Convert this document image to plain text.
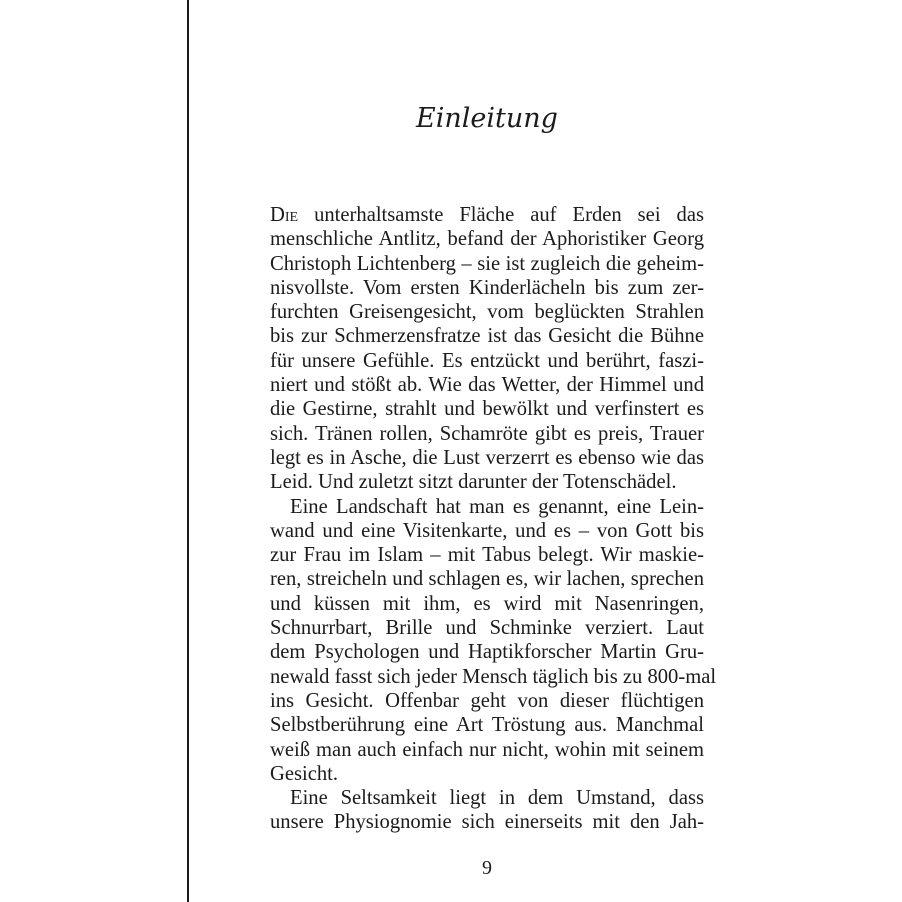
Einleitung
Die unterhaltsamste Fläche auf Erden sei das
menschliche Antlitz, befand der Aphoristiker Georg
Christoph Lichtenberg – sie ist zugleich die geheim-
nisvollste. Vom ersten Kinderlächeln bis zum zer-
furchten Greisengesicht, vom beglückten Strahlen
bis zur Schmerzensfratze ist das Gesicht die Bühne
für unsere Gefühle. Es entzückt und berührt, faszi-
niert und stößt ab. Wie das Wetter, der Himmel und
die Gestirne, strahlt und bewölkt und verfinstert es
sich. Tränen rollen, Schamröte gibt es preis, Trauer
legt es in Asche, die Lust verzerrt es ebenso wie das
Leid. Und zuletzt sitzt darunter der Totenschädel.
Eine Landschaft hat man es genannt, eine Lein-
wand und eine Visitenkarte, und es – von Gott bis
zur Frau im Islam – mit Tabus belegt. Wir maskie-
ren, streicheln und schlagen es, wir lachen, sprechen
und küssen mit ihm, es wird mit Nasenringen,
Schnurrbart, Brille und Schminke verziert. Laut
dem Psychologen und Haptikforscher Martin Gru-
newald fasst sich jeder Mensch täglich bis zu 800-mal
ins Gesicht. Offenbar geht von dieser flüchtigen
Selbstberührung eine Art Tröstung aus. Manchmal
weiß man auch einfach nur nicht, wohin mit seinem
Gesicht.
Eine Seltsamkeit liegt in dem Umstand, dass
unsere Physiognomie sich einerseits mit den Jah-
9
